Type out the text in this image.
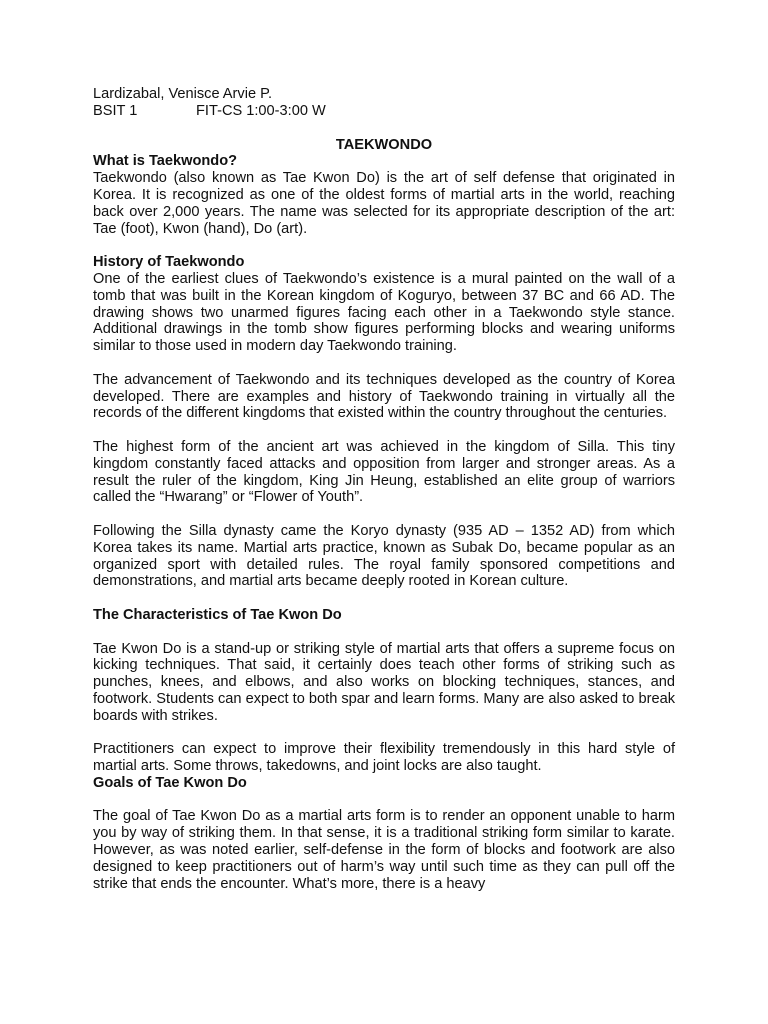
Lardizabal, Venisce Arvie P.

BSIT 1	FIT-CS 1:00-3:00 W

TAEKWONDO

What is Taekwondo?

Taekwondo (also known as Tae Kwon Do) is the art of self defense that originated in Korea. It is recognized as one of the oldest forms of martial arts in the world, reaching back over 2,000 years. The name was selected for its appropriate description of the art: Tae (foot), Kwon (hand), Do (art).

History of Taekwondo

One of the earliest clues of Taekwondo’s existence is a mural painted on the wall of a tomb that was built in the Korean kingdom of Koguryo, between 37 BC and 66 AD. The drawing shows two unarmed figures facing each other in a Taekwondo style stance. Additional drawings in the tomb show figures performing blocks and wearing uniforms similar to those used in modern day Taekwondo training.

The advancement of Taekwondo and its techniques developed as the country of Korea developed. There are examples and history of Taekwondo training in virtually all the records of the different kingdoms that existed within the country throughout the centuries.

The highest form of the ancient art was achieved in the kingdom of Silla. This tiny kingdom constantly faced attacks and opposition from larger and stronger areas. As a result the ruler of the kingdom, King Jin Heung, established an elite group of warriors called the “Hwarang” or “Flower of Youth”.

Following the Silla dynasty came the Koryo dynasty (935 AD – 1352 AD) from which Korea takes its name. Martial arts practice, known as Subak Do, became popular as an organized sport with detailed rules. The royal family sponsored competitions and demonstrations, and martial arts became deeply rooted in Korean culture.

The Characteristics of Tae Kwon Do

Tae Kwon Do is a stand-up or striking style of martial arts that offers a supreme focus on kicking techniques. That said, it certainly does teach other forms of striking such as punches, knees, and elbows, and also works on blocking techniques, stances, and footwork. Students can expect to both spar and learn forms. Many are also asked to break boards with strikes.

Practitioners can expect to improve their flexibility tremendously in this hard style of martial arts. Some throws, takedowns, and joint locks are also taught.

Goals of Tae Kwon Do

The goal of Tae Kwon Do as a martial arts form is to render an opponent unable to harm you by way of striking them. In that sense, it is a traditional striking form similar to karate. However, as was noted earlier, self-defense in the form of blocks and footwork are also designed to keep practitioners out of harm’s way until such time as they can pull off the strike that ends the encounter. What’s more, there is a heavy
